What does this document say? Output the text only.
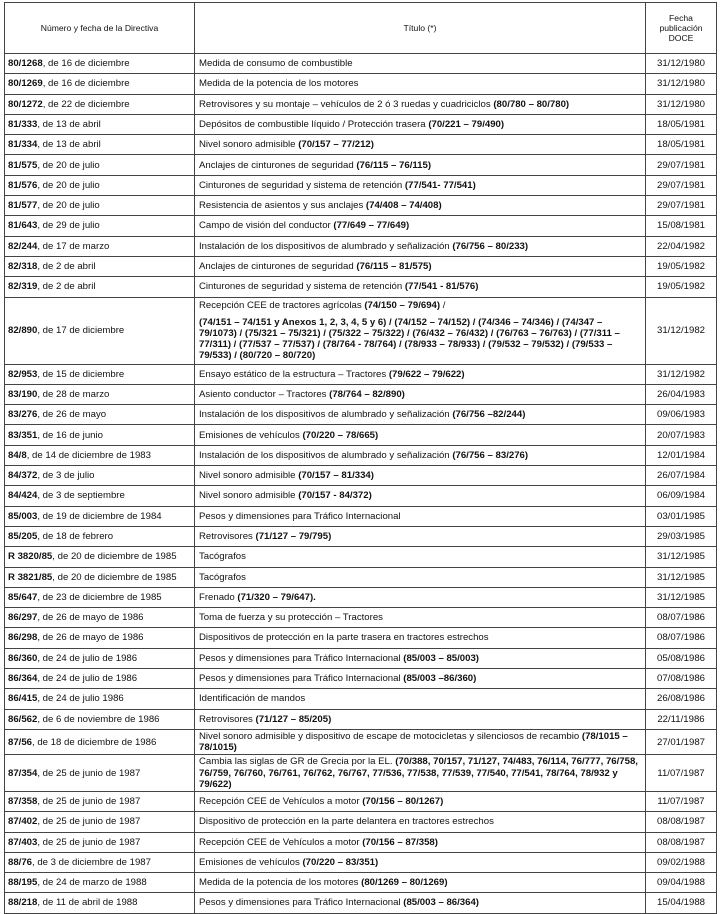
Número y fecha de la Directiva	Título (*)	Fecha
publicación
DOCE

80/1268, de 16 de diciembre	Medida de consumo de combustible	31/12/1980
80/1269, de 16 de diciembre	Medida de la potencia de los motores	31/12/1980
80/1272, de 22 de diciembre	Retrovisores y su montaje – vehículos de 2 ó 3 ruedas y cuadriciclos (80/780 – 80/780)	31/12/1980
81/333, de 13 de abril	Depósitos de combustible líquido / Protección trasera (70/221 – 79/490)	18/05/1981
81/334, de 13 de abril	Nivel sonoro admisible (70/157 – 77/212)	18/05/1981
81/575, de 20 de julio	Anclajes de cinturones de seguridad (76/115 – 76/115)	29/07/1981
81/576, de 20 de julio	Cinturones de seguridad y sistema de retención (77/541- 77/541)	29/07/1981
81/577, de 20 de julio	Resistencia de asientos y sus anclajes (74/408 – 74/408)	29/07/1981
81/643, de 29 de julio	Campo de visión del conductor (77/649 – 77/649)	15/08/1981
82/244, de 17 de marzo	Instalación de los dispositivos de alumbrado y señalización (76/756 – 80/233)	22/04/1982
82/318, de 2 de abril	Anclajes de cinturones de seguridad (76/115 – 81/575)	19/05/1982
82/319, de 2 de abril	Cinturones de seguridad y sistema de retención (77/541 - 81/576)	19/05/1982
82/890, de 17 de diciembre	Recepción CEE de tractores agrícolas (74/150 – 79/694) /
(74/151 – 74/151 y Anexos 1, 2, 3, 4, 5 y 6) / (74/152 – 74/152) / (74/346 – 74/346) / (74/347 – 79/1073) / (75/321 – 75/321) / (75/322 – 75/322) / (76/432 – 76/432) / (76/763 – 76/763) / (77/311 – 77/311) / (77/537 – 77/537) / (78/764 - 78/764) / (78/933 – 78/933) / (79/532 – 79/532) / (79/533 – 79/533) / (80/720 – 80/720)	31/12/1982
82/953, de 15 de diciembre	Ensayo estático de la estructura – Tractores (79/622 – 79/622)	31/12/1982
83/190, de 28 de marzo	Asiento conductor – Tractores (78/764 – 82/890)	26/04/1983
83/276, de 26 de mayo	Instalación de los dispositivos de alumbrado y señalización (76/756 –82/244)	09/06/1983
83/351, de 16 de junio	Emisiones de vehículos (70/220 – 78/665)	20/07/1983
84/8, de 14 de diciembre de 1983	Instalación de los dispositivos de alumbrado y señalización (76/756 – 83/276)	12/01/1984
84/372, de 3 de julio	Nivel sonoro admisible (70/157 – 81/334)	26/07/1984
84/424, de 3 de septiembre	Nivel sonoro admisible (70/157 - 84/372)	06/09/1984
85/003, de 19 de diciembre de 1984	Pesos y dimensiones para Tráfico Internacional	03/01/1985
85/205, de 18 de febrero	Retrovisores (71/127 – 79/795)	29/03/1985
R 3820/85, de 20 de diciembre de 1985	Tacógrafos	31/12/1985
R 3821/85, de 20 de diciembre de 1985	Tacógrafos	31/12/1985
85/647, de 23 de diciembre de 1985	Frenado (71/320 – 79/647).	31/12/1985
86/297, de 26 de mayo de 1986	Toma de fuerza y su protección – Tractores	08/07/1986
86/298, de 26 de mayo de 1986	Dispositivos de protección en la parte trasera en tractores estrechos	08/07/1986
86/360, de 24 de julio de 1986	Pesos y dimensiones para Tráfico Internacional (85/003 – 85/003)	05/08/1986
86/364, de 24 de julio de 1986	Pesos y dimensiones para Tráfico Internacional (85/003 –86/360)	07/08/1986
86/415, de 24 de julio 1986	Identificación de mandos	26/08/1986
86/562, de 6 de noviembre de 1986	Retrovisores (71/127 – 85/205)	22/11/1986
87/56, de 18 de diciembre de 1986	Nivel sonoro admisible y dispositivo de escape de motocicletas y silenciosos de recambio (78/1015 – 78/1015)	27/01/1987
87/354, de 25 de junio de 1987	Cambia las siglas de GR de Grecia por la EL. (70/388, 70/157, 71/127, 74/483, 76/114, 76/777, 76/758, 76/759, 76/760, 76/761, 76/762, 76/767, 77/536, 77/538, 77/539, 77/540, 77/541, 78/764, 78/932 y 79/622)	11/07/1987
87/358, de 25 de junio de 1987	Recepción CEE de Vehículos a motor (70/156 – 80/1267)	11/07/1987
87/402, de 25 de junio de 1987	Dispositivo de protección en la parte delantera en tractores estrechos	08/08/1987
87/403, de 25 de junio de 1987	Recepción CEE de Vehículos a motor (70/156 – 87/358)	08/08/1987
88/76, de 3 de diciembre de 1987	Emisiones de vehículos (70/220 – 83/351)	09/02/1988
88/195, de 24 de marzo de 1988	Medida de la potencia de los motores (80/1269 – 80/1269)	09/04/1988
88/218, de 11 de abril de 1988	Pesos y dimensiones para Tráfico Internacional (85/003 – 86/364)	15/04/1988
